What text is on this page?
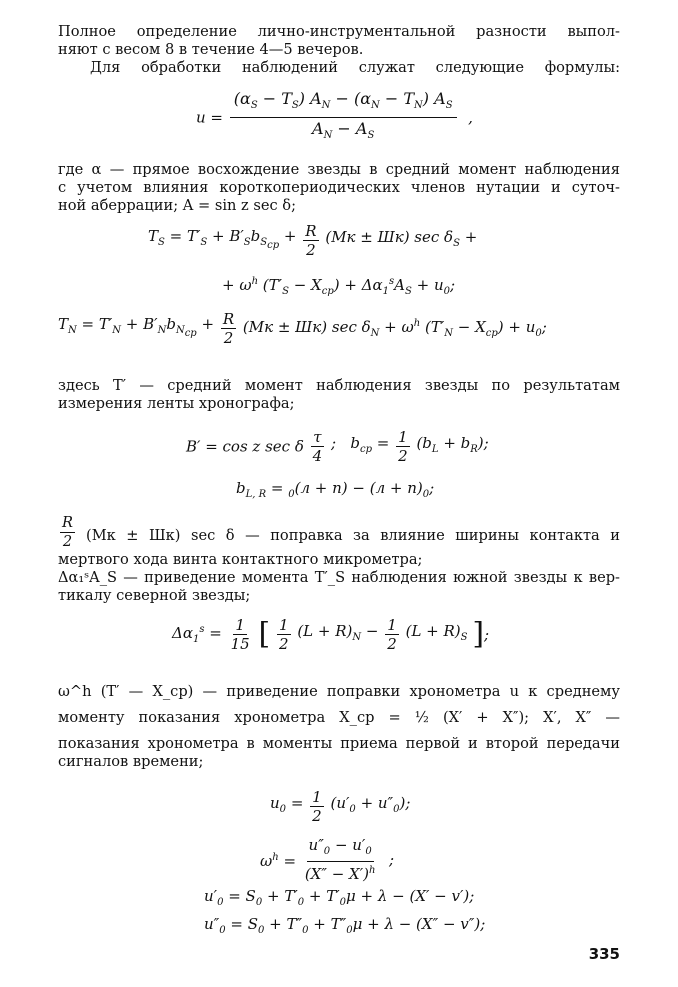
Полное определение лично-инструментальной разности выпол-
няют с весом 8 в течение 4—5 вечеров.
Для обработки наблюдений служат следующие формулы:
$u = \frac{(\alpha_S - T_S) A_N - (\alpha_N - T_N) A_S}{A_N - A_S}$ ,
где α — прямое восхождение звезды в средний момент наблюдения
с учетом влияния короткопериодических членов нутации и суточ-
ной аберрации; A = sin z sec δ;
$T_S = T'_S + B'_Sb_{S_{cp}} + \frac{R}{2} (Mк \pm Шк)$ $\sec \delta_S$ +
+ $\omega^h$ $(T'_S - X_{cp}) + \Delta\alpha_1^sA_S + u_0$;
$T_N = T'_N + B'_Nb_{N_{cp}} + \frac{R}{2} (Mк \pm Шк)$ $\sec \delta_N + \omega^h$ $(T'_N - X_{cp}) + u_0$;
здесь T′ — средний момент наблюдения звезды по результатам
измерения ленты хронографа;
B′ = cos z sec δ $\frac{\tau}{4}$ ;   $b_{cp} = \frac{1}{2} (b_L + b_R)$;
$b_{L, R} = _0(л + п) - (л + п)_0$;
$\frac{R}{2} (Mк \pm Шк)$ sec δ — поправка за влияние ширины контакта и
мертвого хода винта контактного микрометра;
Δα₁ˢA_S — приведение момента T′_S наблюдения южной звезды к вер-
тикалу северной звезды;
$\Delta\alpha_1^s = \frac{1}{15}$ [ $\frac{1}{2} (L + R)_N - \frac{1}{2} (L + R)_S$ ];
ω^h (T′ — X_cp) — приведение поправки хронометра u к среднему
моменту показания хронометра X_cp = ½ (X′ + X″); X′, X″ —
показания хронометра в моменты приема первой и второй передачи
сигналов времени;
$u_0 = \frac{1}{2} (u'_0 + u''_0)$;
$\omega^h = \frac{u''_0 - u'_0}{(X'' - X')^h}$ ;
$u'_0 = S_0 + T'_0 + T'_0\mu + \lambda - (X' - v')$;
$u''_0 = S_0 + T''_0 + T''_0\mu + \lambda - (X'' - v'')$;
335
